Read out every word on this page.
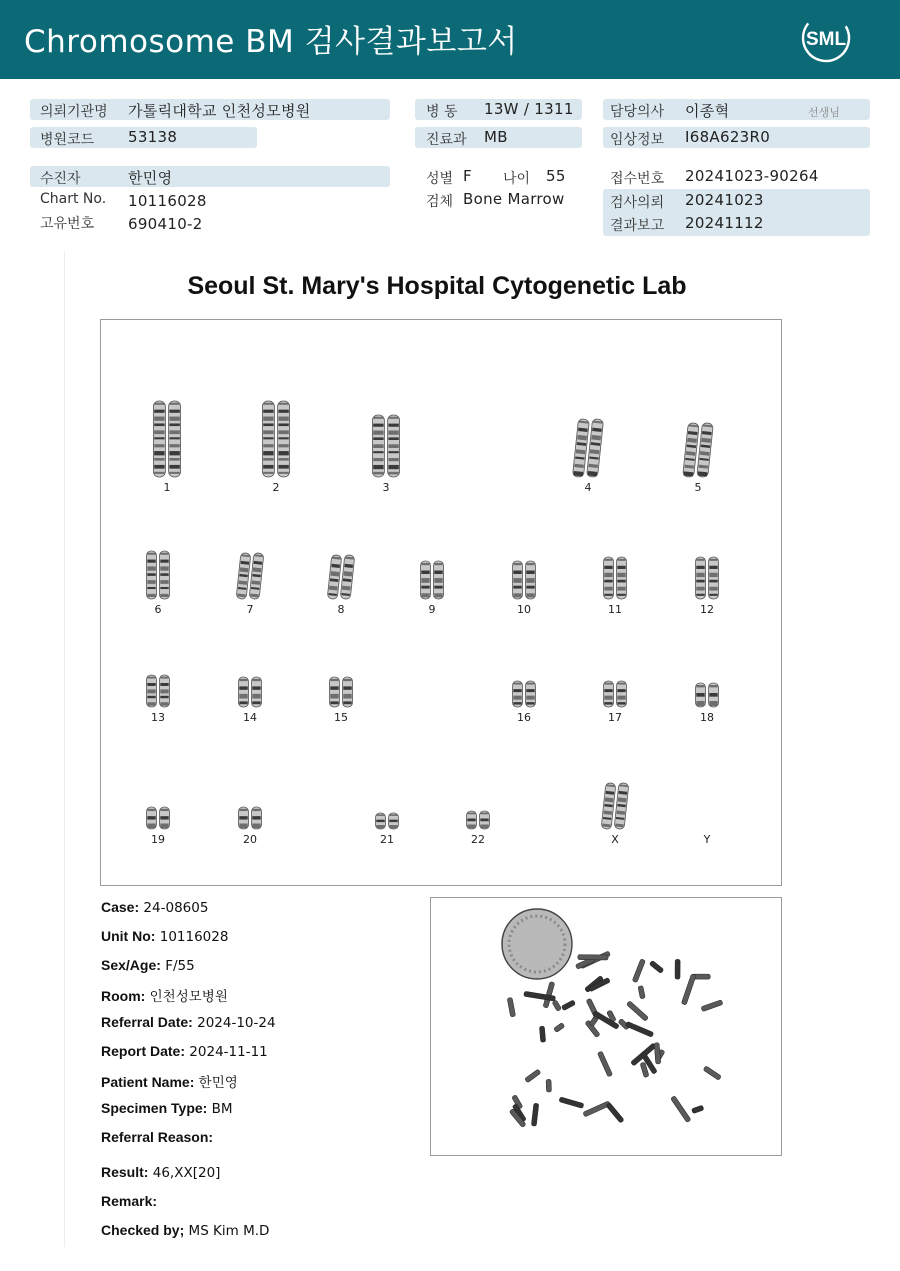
Chromosome BM 검사결과보고서	SML
의뢰기관명 가톨릭대학교 인천성모병원	병 동 13W / 1311	담당의사 이종혁	선생님
병원코드 53138	진료과 MB	임상정보 I68A623R0
수진자	한민영	성별 F 나이 55	접수번호 20241023-90264
Chart No. 10116028	검체 Bone Marrow	검사의뢰 20241023
고유번호 690410-2	결과보고 20241112
Seoul St. Mary's Hospital Cytogenetic Lab
1	2	3	4	5
6	7	8	9	10	11	12
13	14	15	16	17	18
19	20	21	22	X	Y
Case: 24-08605
Unit No: 10116028
Sex/Age: F/55
Room: 인천성모병원
Referral Date: 2024-10-24
Report Date: 2024-11-11
Patient Name: 한민영
Specimen Type: BM
Referral Reason:
Result: 46,XX[20]
Remark:
Checked by; MS Kim M.D
